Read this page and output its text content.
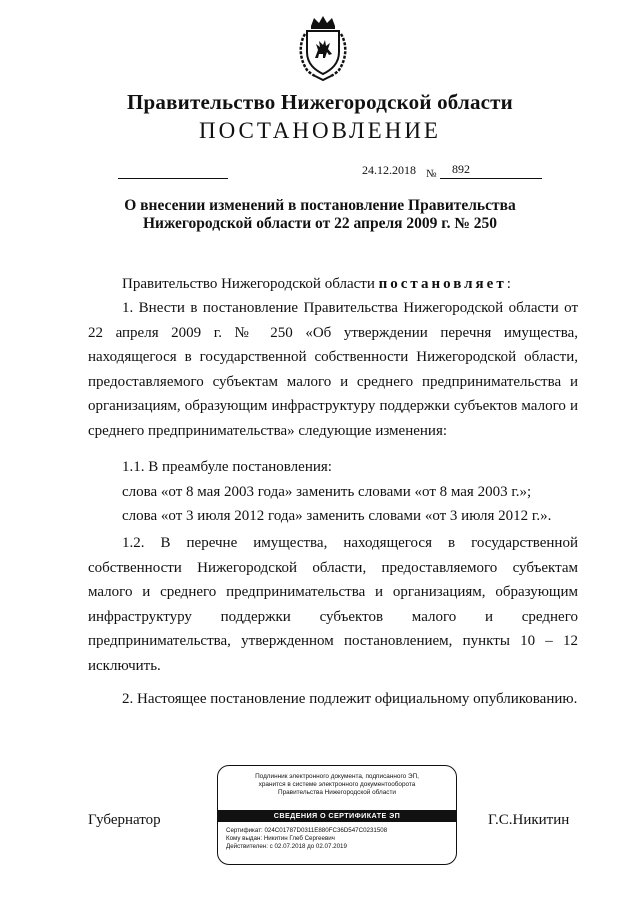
Правительство Нижегородской области
ПОСТАНОВЛЕНИЕ
24.12.2018 № 892
О внесении изменений в постановление Правительства
Нижегородской области от 22 апреля 2009 г. № 250

Правительство Нижегородской области постановляет:

1. Внести в постановление Правительства Нижегородской области от 22 апреля 2009 г. № 250 «Об утверждении перечня имущества, находящегося в государственной собственности Нижегородской области, предоставляемого субъектам малого и среднего предпринимательства и организациям, образующим инфраструктуру поддержки субъектов малого и среднего предпринимательства» следующие изменения:

1.1. В преамбуле постановления:

слова «от 8 мая 2003 года» заменить словами «от 8 мая 2003 г.»;

слова «от 3 июля 2012 года» заменить словами «от 3 июля 2012 г.».

1.2. В перечне имущества, находящегося в государственной собственности Нижегородской области, предоставляемого субъектам малого и среднего предпринимательства и организациям, образующим инфраструктуру поддержки субъектов малого и среднего предпринимательства, утвержденном постановлением, пункты 10 – 12 исключить.

2. Настоящее постановление подлежит официальному опубликованию.

Губернатор	Г.С.Никитин
Подлинник электронного документа, подписанного ЭП,
хранится в системе электронного документооборота
Правительства Нижегородской области
СВЕДЕНИЯ О СЕРТИФИКАТЕ ЭП
Сертификат: 024C01787D0311E880FC36D547C0231508
Кому выдан: Никитин Глеб Сергеевич
Действителен: с 02.07.2018 до 02.07.2019
